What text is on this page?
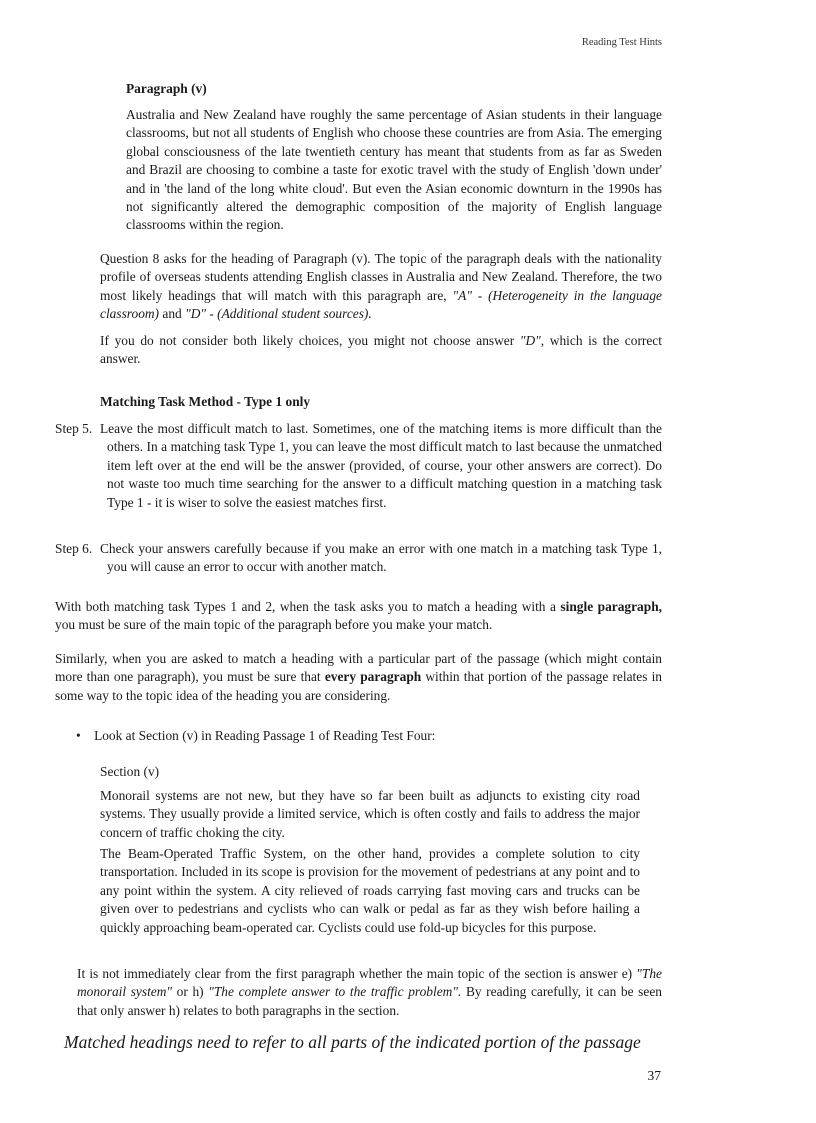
Reading Test Hints
Paragraph (v)

Australia and New Zealand have roughly the same percentage of Asian students in their language classrooms, but not all students of English who choose these countries are from Asia. The emerging global consciousness of the late twentieth century has meant that students from as far as Sweden and Brazil are choosing to combine a taste for exotic travel with the study of English 'down under' and in 'the land of the long white cloud'. But even the Asian economic downturn in the 1990s has not significantly altered the demographic composition of the majority of English language classrooms within the region.

Question 8 asks for the heading of Paragraph (v). The topic of the paragraph deals with the nationality profile of overseas students attending English classes in Australia and New Zealand. Therefore, the two most likely headings that will match with this paragraph are, "A" - (Heterogeneity in the language classroom) and "D" - (Additional student sources).

If you do not consider both likely choices, you might not choose answer "D", which is the correct answer.

Matching Task Method - Type 1 only
Step 5. Leave the most difficult match to last. Sometimes, one of the matching items is more difficult than the others. In a matching task Type 1, you can leave the most difficult match to last because the unmatched item left over at the end will be the answer (provided, of course, your other answers are correct). Do not waste too much time searching for the answer to a difficult matching question in a matching task Type 1 - it is wiser to solve the easiest matches first.

Step 6. Check your answers carefully because if you make an error with one match in a matching task Type 1, you will cause an error to occur with another match.

With both matching task Types 1 and 2, when the task asks you to match a heading with a single paragraph, you must be sure of the main topic of the paragraph before you make your match.

Similarly, when you are asked to match a heading with a particular part of the passage (which might contain more than one paragraph), you must be sure that every paragraph within that portion of the passage relates in some way to the topic idea of the heading you are considering.

• Look at Section (v) in Reading Passage 1 of Reading Test Four:
Section (v)

Monorail systems are not new, but they have so far been built as adjuncts to existing city road systems. They usually provide a limited service, which is often costly and fails to address the major concern of traffic choking the city.

The Beam-Operated Traffic System, on the other hand, provides a complete solution to city transportation. Included in its scope is provision for the movement of pedestrians at any point and to any point within the system. A city relieved of roads carrying fast moving cars and trucks can be given over to pedestrians and cyclists who can walk or pedal as far as they wish before hailing a quickly approaching beam-operated car. Cyclists could use fold-up bicycles for this purpose.

It is not immediately clear from the first paragraph whether the main topic of the section is answer e) "The monorail system" or h) "The complete answer to the traffic problem". By reading carefully, it can be seen that only answer h) relates to both paragraphs in the section.

Matched headings need to refer to all parts of the indicated portion of the passage
37
